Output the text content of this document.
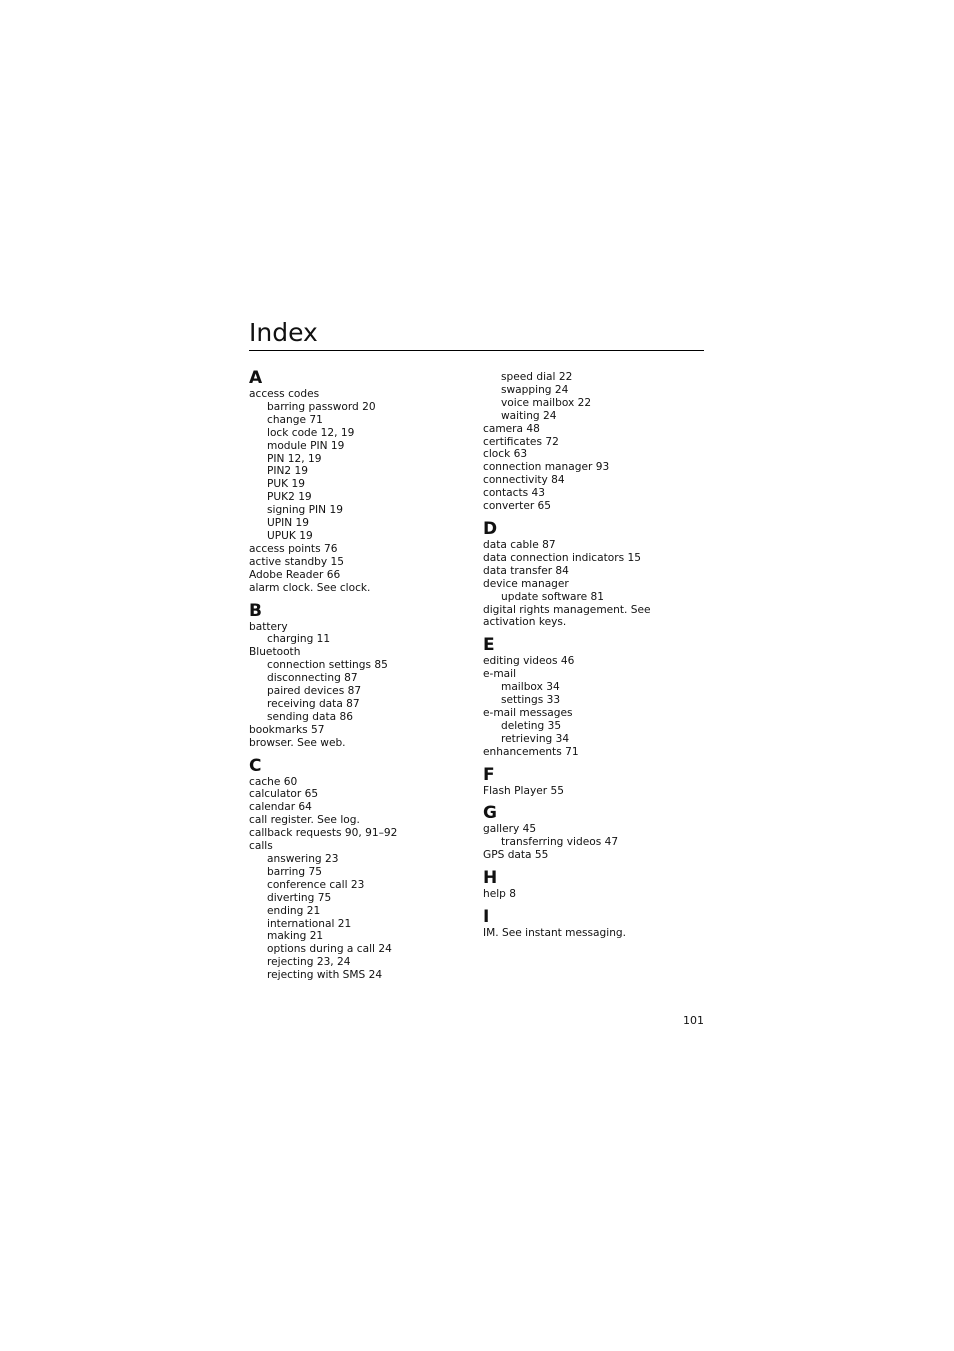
Index
A
access codes
barring password 20
change 71
lock code 12, 19
module PIN 19
PIN 12, 19
PIN2 19
PUK 19
PUK2 19
signing PIN 19
UPIN 19
UPUK 19
access points 76
active standby 15
Adobe Reader 66
alarm clock. See clock.
B
battery
charging 11
Bluetooth
connection settings 85
disconnecting 87
paired devices 87
receiving data 87
sending data 86
bookmarks 57
browser. See web.
C
cache 60
calculator 65
calendar 64
call register. See log.
callback requests 90, 91–92
calls
answering 23
barring 75
conference call 23
diverting 75
ending 21
international 21
making 21
options during a call 24
rejecting 23, 24
rejecting with SMS 24
speed dial 22
swapping 24
voice mailbox 22
waiting 24
camera 48
certificates 72
clock 63
connection manager 93
connectivity 84
contacts 43
converter 65
D
data cable 87
data connection indicators 15
data transfer 84
device manager
update software 81
digital rights management. See activation keys.
E
editing videos 46
e-mail
mailbox 34
settings 33
e-mail messages
deleting 35
retrieving 34
enhancements 71
F
Flash Player 55
G
gallery 45
transferring videos 47
GPS data 55
H
help 8
I
IM. See instant messaging.
101
